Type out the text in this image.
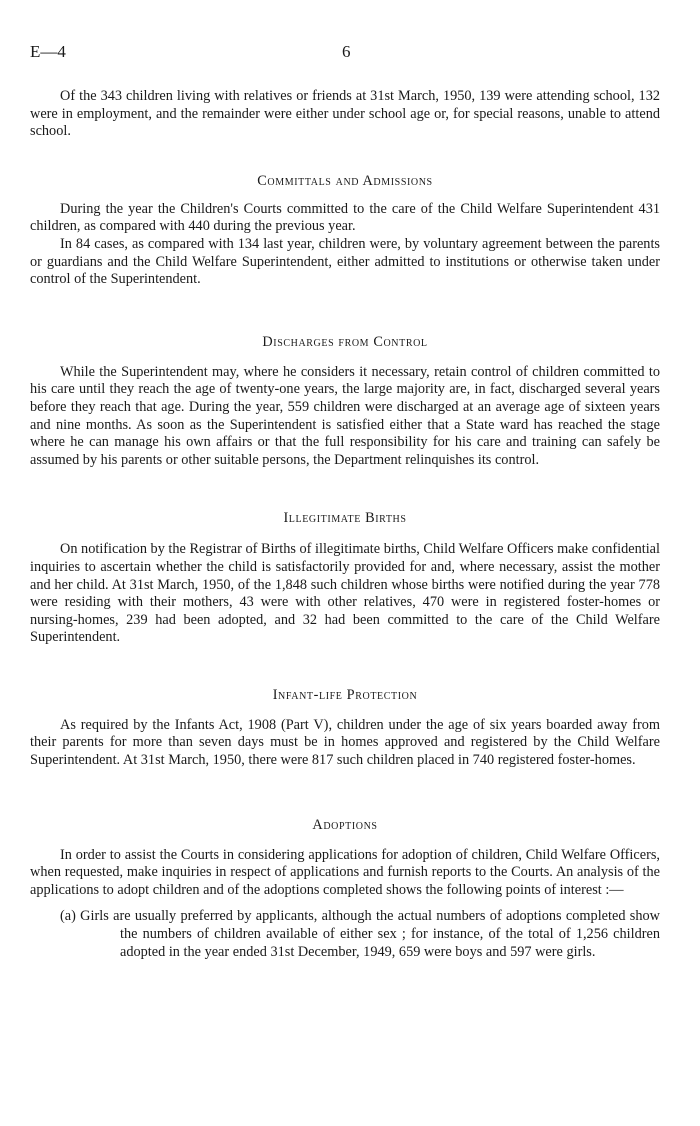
E—4	6

Of the 343 children living with relatives or friends at 31st March, 1950, 139 were attending school, 132 were in employment, and the remainder were either under school age or, for special reasons, unable to attend school.

Committals and Admissions

During the year the Children's Courts committed to the care of the Child Welfare Superintendent 431 children, as compared with 440 during the previous year.

In 84 cases, as compared with 134 last year, children were, by voluntary agreement between the parents or guardians and the Child Welfare Superintendent, either admitted to institutions or otherwise taken under control of the Superintendent.

Discharges from Control

While the Superintendent may, where he considers it necessary, retain control of children committed to his care until they reach the age of twenty-one years, the large majority are, in fact, discharged several years before they reach that age. During the year, 559 children were discharged at an average age of sixteen years and nine months. As soon as the Superintendent is satisfied either that a State ward has reached the stage where he can manage his own affairs or that the full responsibility for his care and training can safely be assumed by his parents or other suitable persons, the Department relinquishes its control.

Illegitimate Births

On notification by the Registrar of Births of illegitimate births, Child Welfare Officers make confidential inquiries to ascertain whether the child is satisfactorily provided for and, where necessary, assist the mother and her child. At 31st March, 1950, of the 1,848 such children whose births were notified during the year 778 were residing with their mothers, 43 were with other relatives, 470 were in registered foster-homes or nursing-homes, 239 had been adopted, and 32 had been committed to the care of the Child Welfare Superintendent.

Infant-life Protection

As required by the Infants Act, 1908 (Part V), children under the age of six years boarded away from their parents for more than seven days must be in homes approved and registered by the Child Welfare Superintendent. At 31st March, 1950, there were 817 such children placed in 740 registered foster-homes.

Adoptions

In order to assist the Courts in considering applications for adoption of children, Child Welfare Officers, when requested, make inquiries in respect of applications and furnish reports to the Courts. An analysis of the applications to adopt children and of the adoptions completed shows the following points of interest :—

(a) Girls are usually preferred by applicants, although the actual numbers of adoptions completed show the numbers of children available of either sex ; for instance, of the total of 1,256 children adopted in the year ended 31st December, 1949, 659 were boys and 597 were girls.
